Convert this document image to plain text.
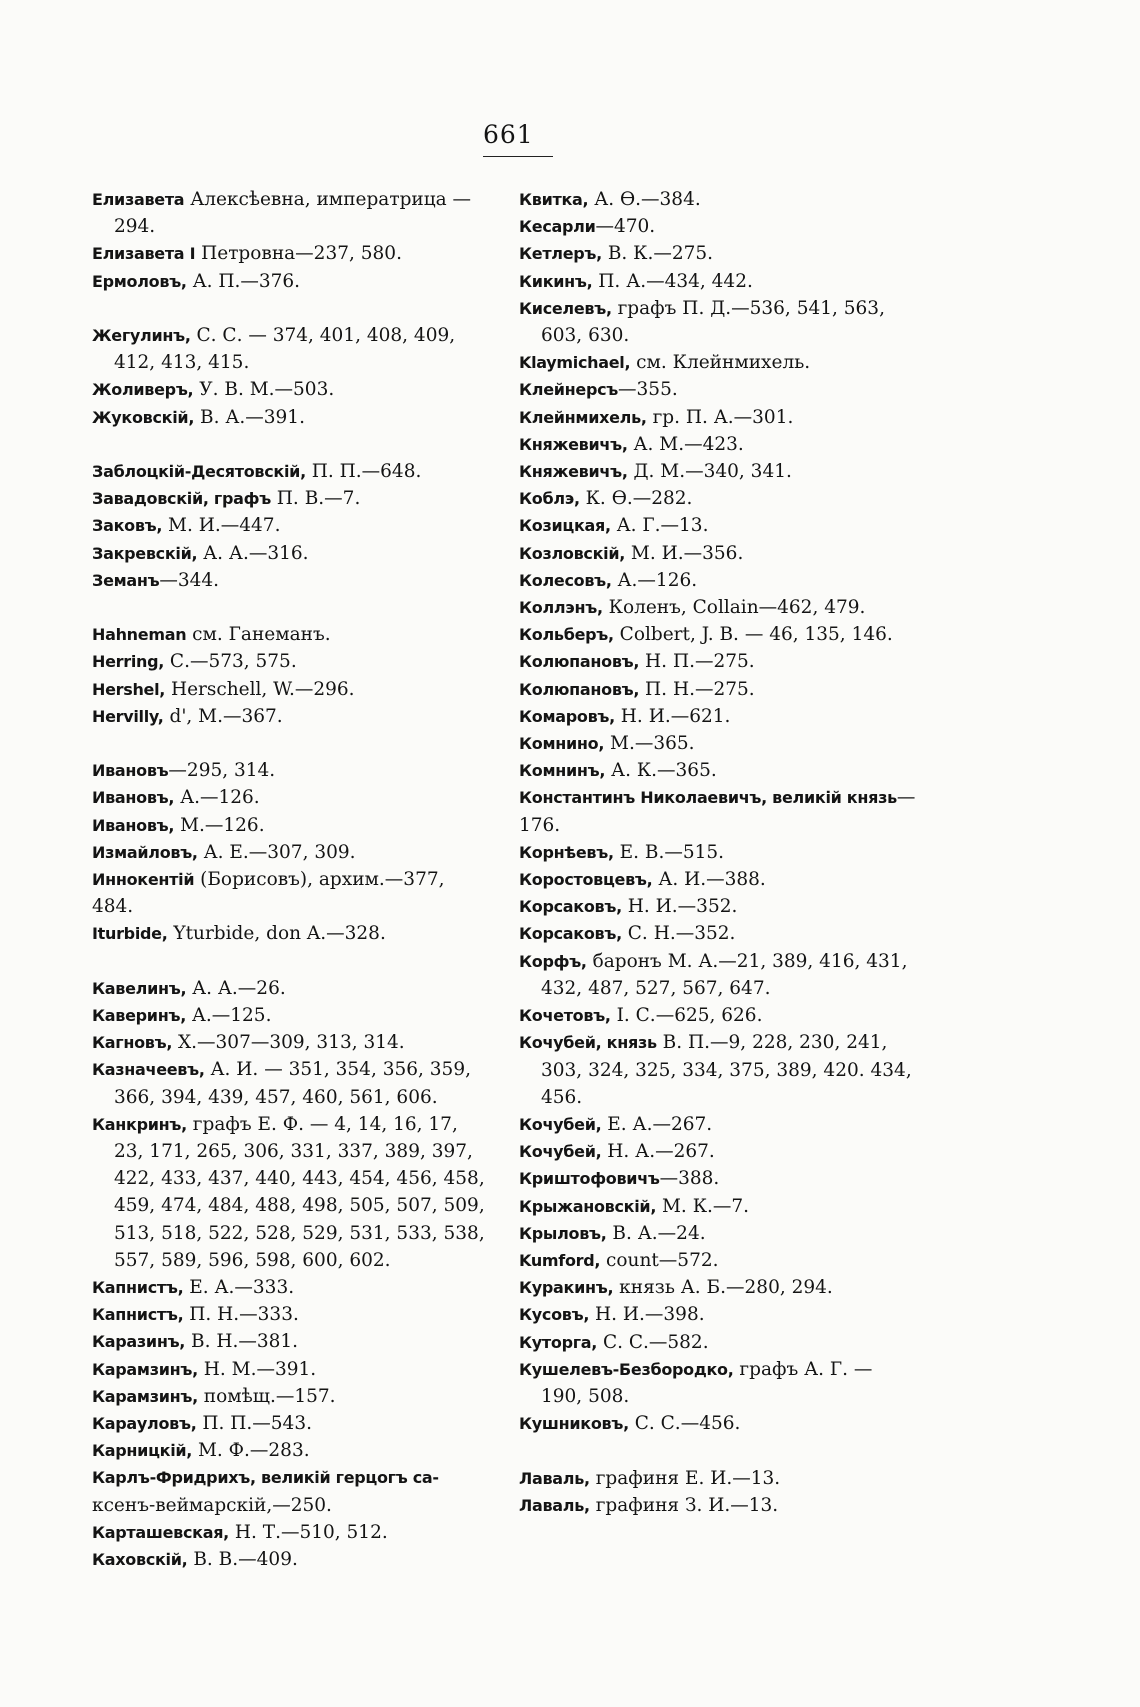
661
Елизавета Алексѣевна, императрица —
294.
Елизавета I Петровна—237, 580.
Ермоловъ, А. П.—376.
Жегулинъ, С. С. — 374, 401, 408, 409,
412, 413, 415.
Жоливеръ, У. В. М.—503.
Жуковскій, В. А.—391.
Заблоцкій-Десятовскій, П. П.—648.
Завадовскій, графъ П. В.—7.
Заковъ, М. И.—447.
Закревскій, А. А.—316.
Земанъ—344.
Hahneman см. Ганеманъ.
Herring, С.—573, 575.
Hershel, Herschell, W.—296.
Hervilly, d', M.—367.
Ивановъ—295, 314.
Ивановъ, А.—126.
Ивановъ, М.—126.
Измайловъ, А. Е.—307, 309.
Иннокентій (Борисовъ), архим.—377, 484.
Iturbide, Yturbide, don A.—328.
Кавелинъ, А. А.—26.
Каверинъ, А.—125.
Кагновъ, Х.—307—309, 313, 314.
Казначеевъ, А. И. — 351, 354, 356, 359,
366, 394, 439, 457, 460, 561, 606.
Канкринъ, графъ Е. Ф. — 4, 14, 16, 17,
23, 171, 265, 306, 331, 337, 389, 397,
422, 433, 437, 440, 443, 454, 456, 458,
459, 474, 484, 488, 498, 505, 507, 509,
513, 518, 522, 528, 529, 531, 533, 538,
557, 589, 596, 598, 600, 602.
Капнистъ, Е. А.—333.
Капнистъ, П. Н.—333.
Каразинъ, В. Н.—381.
Карамзинъ, Н. М.—391.
Карамзинъ, помѣщ.—157.
Карауловъ, П. П.—543.
Карницкій, М. Ф.—283.
Карлъ-Фридрихъ, великій герцогъ са-ксенъ-веймарскій,—250.
Карташевская, Н. Т.—510, 512.
Каховскій, В. В.—409.
Квитка, А. Ѳ.—384.
Кесарли—470.
Кетлеръ, В. К.—275.
Кикинъ, П. А.—434, 442.
Киселевъ, графъ П. Д.—536, 541, 563,
603, 630.
Klaymichael, см. Клейнмихель.
Клейнерсъ—355.
Клейнмихель, гр. П. А.—301.
Княжевичъ, А. М.—423.
Княжевичъ, Д. М.—340, 341.
Коблэ, К. Ѳ.—282.
Козицкая, А. Г.—13.
Козловскій, М. И.—356.
Колесовъ, А.—126.
Коллэнъ, Коленъ, Collain—462, 479.
Кольберъ, Colbert, J. B. — 46, 135, 146.
Колюпановъ, Н. П.—275.
Колюпановъ, П. Н.—275.
Комаровъ, Н. И.—621.
Комнино, М.—365.
Комнинъ, А. К.—365.
Константинъ Николаевичъ, великій князь—176.
Корнѣевъ, Е. В.—515.
Коростовцевъ, А. И.—388.
Корсаковъ, Н. И.—352.
Корсаковъ, С. Н.—352.
Корфъ, баронъ М. А.—21, 389, 416, 431,
432, 487, 527, 567, 647.
Кочетовъ, I. С.—625, 626.
Кочубей, князь В. П.—9, 228, 230, 241,
303, 324, 325, 334, 375, 389, 420. 434,
456.
Кочубей, Е. А.—267.
Кочубей, Н. А.—267.
Криштофовичъ—388.
Крыжановскій, М. К.—7.
Крыловъ, В. А.—24.
Kumford, count—572.
Куракинъ, князь А. Б.—280, 294.
Кусовъ, Н. И.—398.
Куторга, С. С.—582.
Кушелевъ-Безбородко, графъ А. Г. —
190, 508.
Кушниковъ, С. С.—456.
Лаваль, графиня Е. И.—13.
Лаваль, графиня З. И.—13.
